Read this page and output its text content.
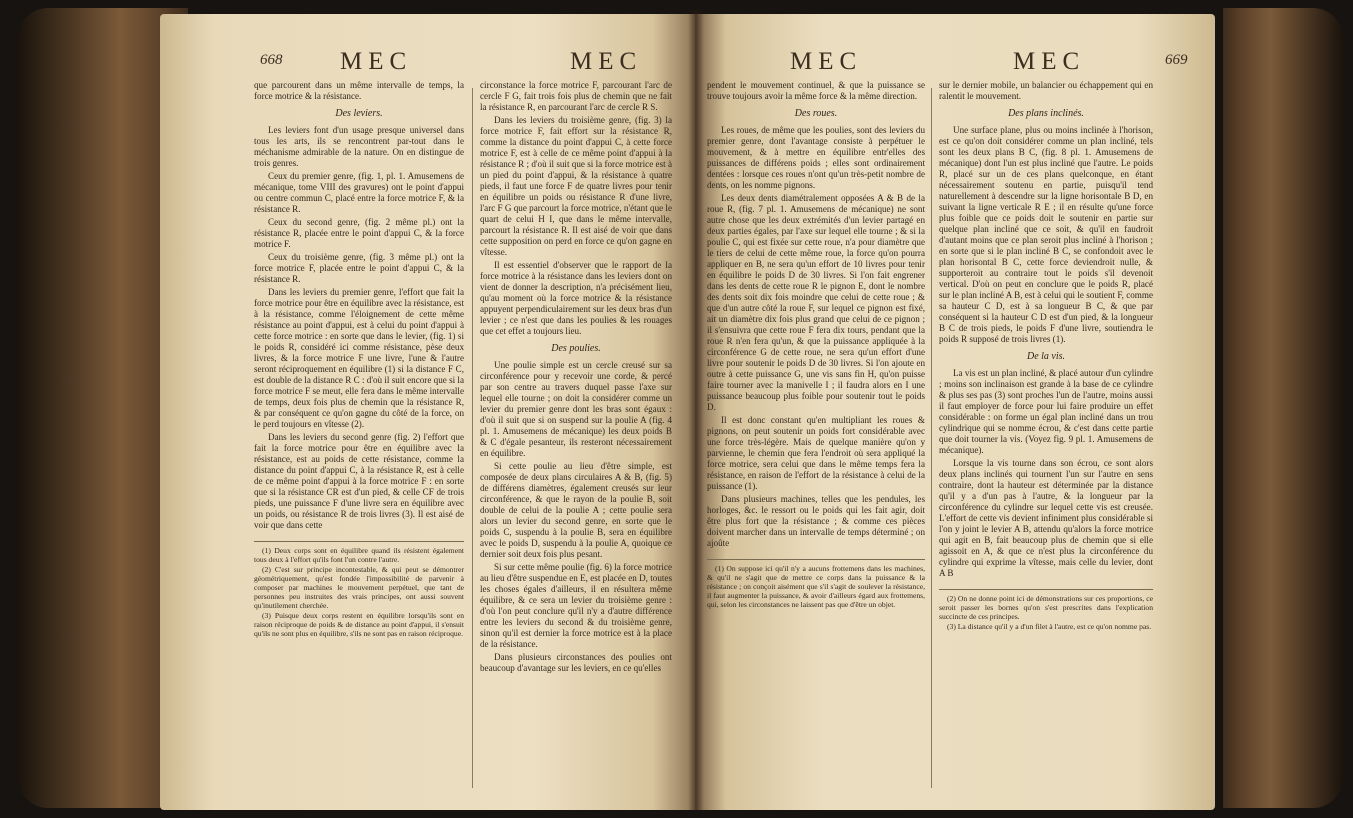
668 MEC	MEC

que parcourent dans un même intervalle de temps, la force motrice & la résistance.

Des leviers.

Les leviers font d'un usage presque universel dans tous les arts, ils se rencontrent par-tout dans le méchanisme admirable de la nature. On en distingue de trois genres.

Ceux du premier genre, (fig. 1, pl. 1. Amusemens de mécanique, tome VIII des gravures) ont le point d'appui ou centre commun C, placé entre la force motrice F, & la résistance R.

Ceux du second genre, (fig. 2 même pl.) ont la résistance R, placée entre le point d'appui C, & la force motrice F.

Ceux du troisième genre, (fig. 3 même pl.) ont la force motrice F, placée entre le point d'appui C, & la résistance R.

Dans les leviers du premier genre, l'effort que fait la force motrice pour être en équilibre avec la résistance, est à la résistance, comme l'éloignement de cette même résistance au point d'appui, est à celui du point d'appui à cette force motrice : en sorte que dans le levier, (fig. 1) si le poids R, considéré ici comme résistance, pèse deux livres, & la force motrice F une livre, l'une & l'autre seront réciproquement en équilibre (1) si la distance F C, est double de la distance R C : d'où il suit encore que si la force motrice F se meut, elle fera dans le même intervalle de temps, deux fois plus de chemin que la résistance R, & par conséquent ce qu'on gagne du côté de la force, on le perd toujours en vîtesse (2).

Dans les leviers du second genre (fig. 2) l'effort que fait la force motrice pour être en équilibre avec la résistance, est au poids de cette résistance, comme la distance du point d'appui C, à la résistance R, est à celle de ce même point d'appui à la force motrice F : en sorte que si la résistance CR est d'un pied, & celle CF de trois pieds, une puissance F d'une livre sera en équilibre avec un poids, ou résistance R de trois livres (3). Il est aisé de voir que dans cette

(1) Deux corps sont en équilibre quand ils résistent également tous deux à l'effort qu'ils font l'un contre l'autre.

(2) C'est sur principe incontestable, & qui peut se démontrer géométriquement, qu'est fondée l'impossibilité de parvenir à composer par machines le mouvement perpétuel, que tant de personnes peu instruites des vrais principes, ont aussi souvent qu'inutilement cherchée.

(3) Puisque deux corps restent en équilibre lorsqu'ils sont en raison réciproque de poids & de distance au point d'appui, il s'ensuit qu'ils ne sont plus en équilibre, s'ils ne sont pas en raison réciproque.

circonstance la force motrice F, parcourant l'arc de cercle F G, fait trois fois plus de chemin que ne fait la résistance R, en parcourant l'arc de cercle R S.

Dans les leviers du troisième genre, (fig. 3) la force motrice F, fait effort sur la résistance R, comme la distance du point d'appui C, à cette force motrice F, est à celle de ce même point d'appui à la résistance R ; d'où il suit que si la force motrice est à un pied du point d'appui, & la résistance à quatre pieds, il faut une force F de quatre livres pour tenir en équilibre un poids ou résistance R d'une livre, l'arc F G que parcourt la force motrice, n'étant que le quart de celui H I, que dans le même intervalle, parcourt la résistance R. Il est aisé de voir que dans cette supposition on perd en force ce qu'on gagne en vîtesse.

Il est essentiel d'observer que le rapport de la force motrice à la résistance dans les leviers dont on vient de donner la description, n'a précisément lieu, qu'au moment où la force motrice & la résistance appuyent perpendiculairement sur les deux bras d'un levier ; ce n'est que dans les poulies & les rouages que cet effet a toujours lieu.

Des poulies.

Une poulie simple est un cercle creusé sur sa circonférence pour y recevoir une corde, & percé par son centre au travers duquel passe l'axe sur lequel elle tourne ; on doit la considérer comme un levier du premier genre dont les bras sont égaux : d'où il suit que si on suspend sur la poulie A (fig. 4 pl. 1. Amusemens de mécanique) les deux poids B & C d'égale pesanteur, ils resteront nécessairement en équilibre.

Si cette poulie au lieu d'être simple, est composée de deux plans circulaires A & B, (fig. 5) de différens diamètres, également creusés sur leur circonférence, & que le rayon de la poulie B, soit double de celui de la poulie A ; cette poulie sera alors un levier du second genre, en sorte que le poids C, suspendu à la poulie B, sera en équilibre avec le poids D, suspendu à la poulie A, quoique ce dernier soit deux fois plus pesant.

Si sur cette même poulie (fig. 6) la force motrice au lieu d'être suspendue en E, est placée en D, toutes les choses égales d'ailleurs, il en résultera même équilibre, & ce sera un levier du troisième genre : d'où l'on peut conclure qu'il n'y a d'autre différence entre les leviers du second & du troisième genre, sinon qu'il est dernier la force motrice est à la place de la résistance.

Dans plusieurs circonstances des poulies ont beaucoup d'avantage sur les leviers, en ce qu'elles

MEC	MEC	669

pendent le mouvement continuel, & que la puissance se trouve toujours avoir la même force & la même direction.

Des roues.

Les roues, de même que les poulies, sont des leviers du premier genre, dont l'avantage consiste à perpétuer le mouvement, & à mettre en équilibre entr'elles des puissances de différens poids ; elles sont ordinairement dentées : lorsque ces roues n'ont qu'un très-petit nombre de dents, on les nomme pignons.

Les deux dents diamétralement opposées A & B de la roue R, (fig. 7 pl. 1. Amusemens de mécanique) ne sont autre chose que les deux extrémités d'un levier partagé en deux parties égales, par l'axe sur lequel elle tourne ; & si la poulie C, qui est fixée sur cette roue, n'a pour diamètre que le tiers de celui de cette même roue, la force qu'on pourra appliquer en B, ne sera qu'un effort de 10 livres pour tenir en équilibre le poids D de 30 livres. Si l'on fait engrener dans les dents de cette roue R le pignon E, dont le nombre des dents soit dix fois moindre que celui de cette roue ; & que d'un autre côté la roue F, sur lequel ce pignon est fixé, ait un diamètre dix fois plus grand que celui de ce pignon ; il s'ensuivra que cette roue F fera dix tours, pendant que la roue R n'en fera qu'un, & que la puissance appliquée à la circonférence G de cette roue, ne sera qu'un effort d'une livre pour soutenir le poids D de 30 livres. Si l'on ajoute en outre à cette puissance G, une vis sans fin H, qu'on puisse faire tourner avec la manivelle I ; il faudra alors en I une puissance beaucoup plus foible pour soutenir tout le poids D.

Il est donc constant qu'en multipliant les roues & pignons, on peut soutenir un poids fort considérable avec une force très-légère. Mais de quelque manière qu'on y parvienne, le chemin que fera l'endroit où sera appliqué la force motrice, sera celui que dans le même temps fera la résistance, en raison de l'effort de la résistance à celui de la puissance (1).

Dans plusieurs machines, telles que les pendules, les horloges, &c. le ressort ou le poids qui les fait agir, doit être plus fort que la résistance ; & comme ces pièces doivent marcher dans un intervalle de temps déterminé ; on ajoûte

(1) On suppose ici qu'il n'y a aucuns frottemens dans les machines, & qu'il ne s'agit que de mettre ce corps dans la puissance & la résistance ; on conçoit aisément que s'il s'agit de soulever la résistance, il faut augmenter la puissance, & avoir d'ailleurs égard aux frottemens, qui, selon les circonstances ne laissent pas que d'être un objet.

sur le dernier mobile, un balancier ou échappement qui en ralentit le mouvement.

Des plans inclinés.

Une surface plane, plus ou moins inclinée à l'horison, est ce qu'on doit considérer comme un plan incliné, tels sont les deux plans B C, (fig. 8 pl. 1. Amusemens de mécanique) dont l'un est plus incliné que l'autre. Le poids R, placé sur un de ces plans quelconque, en étant nécessairement soutenu en partie, puisqu'il tend naturellement à descendre sur la ligne horisontale B D, en suivant la ligne verticale R E ; il en résulte qu'une force plus foible que ce poids doit le soutenir en partie sur quelque plan incliné que ce soit, & qu'il en faudroit d'autant moins que ce plan seroit plus incliné à l'horison ; en sorte que si le plan incliné B C, se confondoit avec le plan horisontal B C, cette force deviendroit nulle, & supporteroit au contraire tout le poids s'il devenoit vertical. D'où on peut en conclure que le poids R, placé sur le plan incliné A B, est à celui qui le soutient F, comme sa hauteur C D, est à sa longueur B C, & que par conséquent si la hauteur C D est d'un pied, & la longueur B C de trois pieds, le poids F d'une livre, soutiendra le poids R supposé de trois livres (1).

De la vis.

La vis est un plan incliné, & placé autour d'un cylindre ; moins son inclinaison est grande à la base de ce cylindre & plus ses pas (3) sont proches l'un de l'autre, moins aussi il faut employer de force pour lui faire produire un effet considérable : on forme un égal plan incliné dans un trou cylindrique qui se nomme écrou, & c'est dans cette partie que doit tourner la vis. (Voyez fig. 9 pl. 1. Amusemens de mécanique).

Lorsque la vis tourne dans son écrou, ce sont alors deux plans inclinés qui tournent l'un sur l'autre en sens contraire, dont la hauteur est déterminée par la distance qu'il y a d'un pas à l'autre, & la longueur par la circonférence du cylindre sur lequel cette vis est creusée. L'effort de cette vis devient infiniment plus considérable si l'on y joint le levier A B, attendu qu'alors la force motrice qui agit en B, fait beaucoup plus de chemin que si elle agissoit en A, & que ce n'est plus la circonférence du cylindre qui exprime la vîtesse, mais celle du levier, dont A B

(2) On ne donne point ici de démonstrations sur ces proportions, ce seroit passer les bornes qu'on s'est prescrites dans l'explication succincte de ces principes.

(3) La distance qu'il y a d'un filet à l'autre, est ce qu'on nomme pas.
